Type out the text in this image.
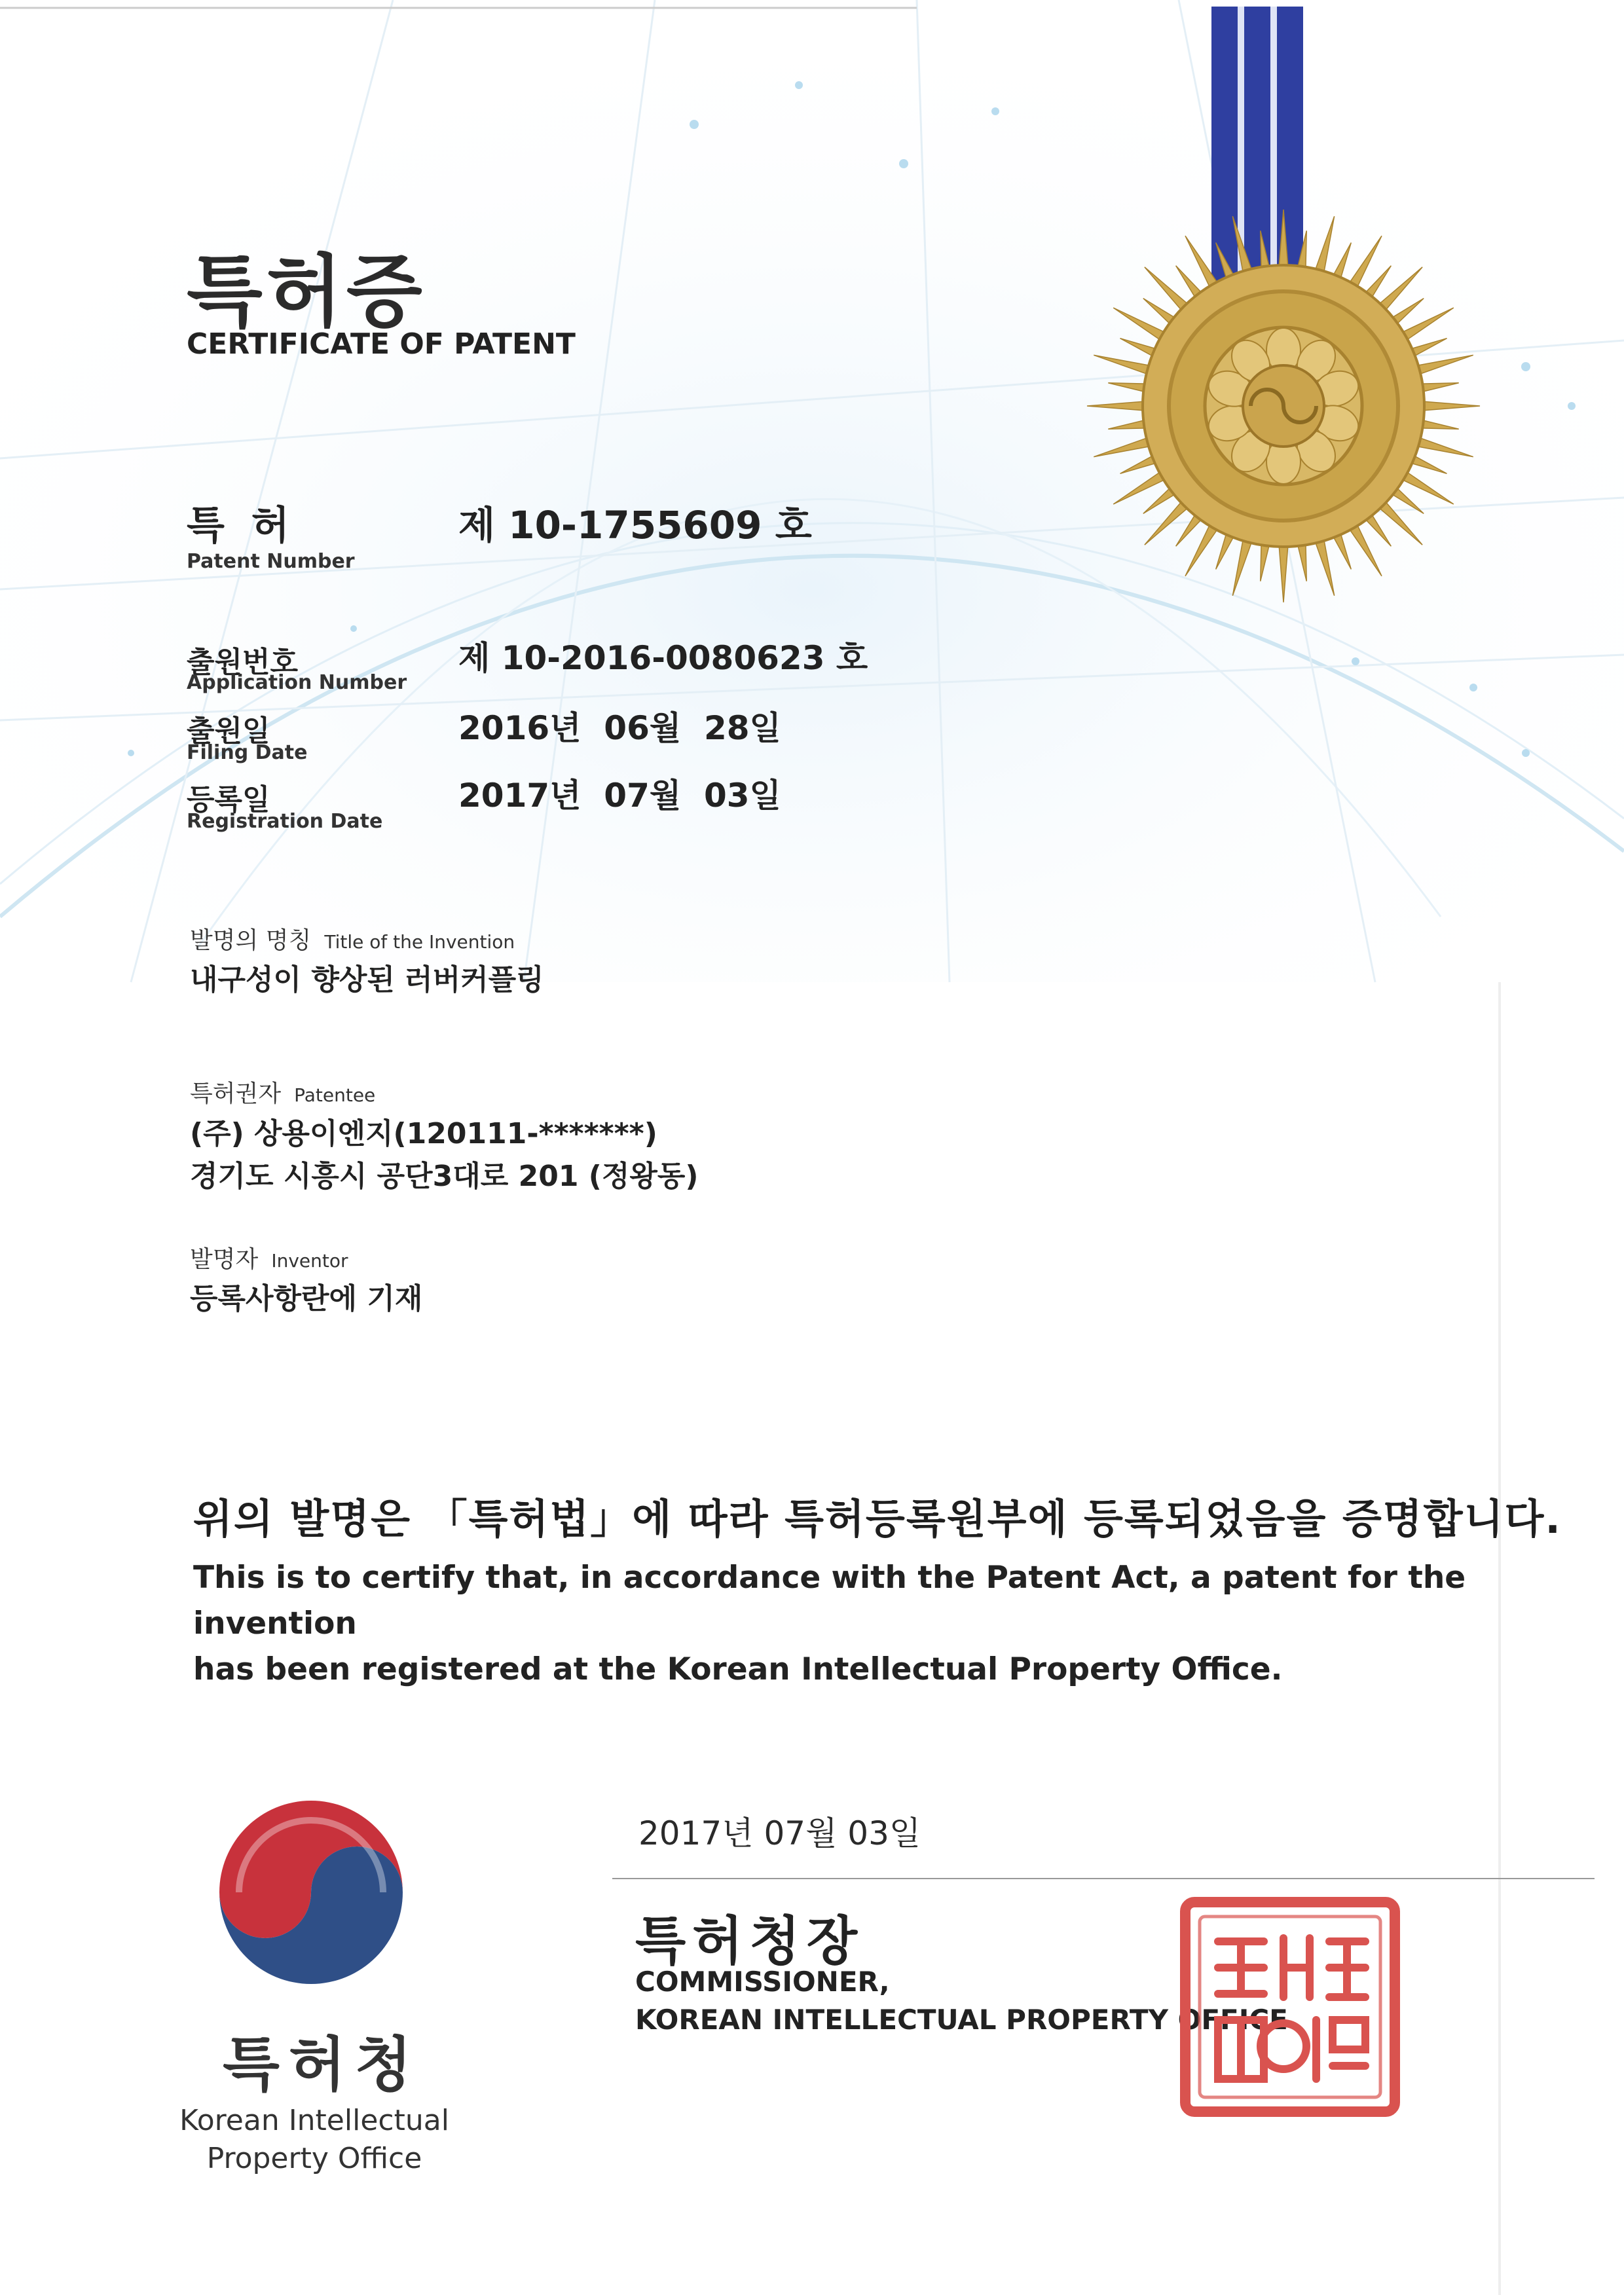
특허증
CERTIFICATE OF PATENT
특 허
Patent Number
제 10-1755609 호
출원번호
Application Number
제 10-2016-0080623 호
출원일
Filing Date
2016년  06월  28일
등록일
Registration Date
2017년  07월  03일
발명의 명칭 Title of the Invention
내구성이 향상된 러버커플링
특허권자 Patentee
(주) 상용이엔지(120111-*******)
경기도 시흥시 공단3대로 201 (정왕동)
발명자 Inventor
등록사항란에 기재
위의 발명은 「특허법」에 따라 특허등록원부에 등록되었음을 증명합니다.
This is to certify that, in accordance with the Patent Act, a patent for the invention
has been registered at the Korean Intellectual Property Office.
2017년 07월 03일
특허청장
COMMISSIONER,
KOREAN INTELLECTUAL PROPERTY OFFICE
특허청
Korean Intellectual
Property Office
